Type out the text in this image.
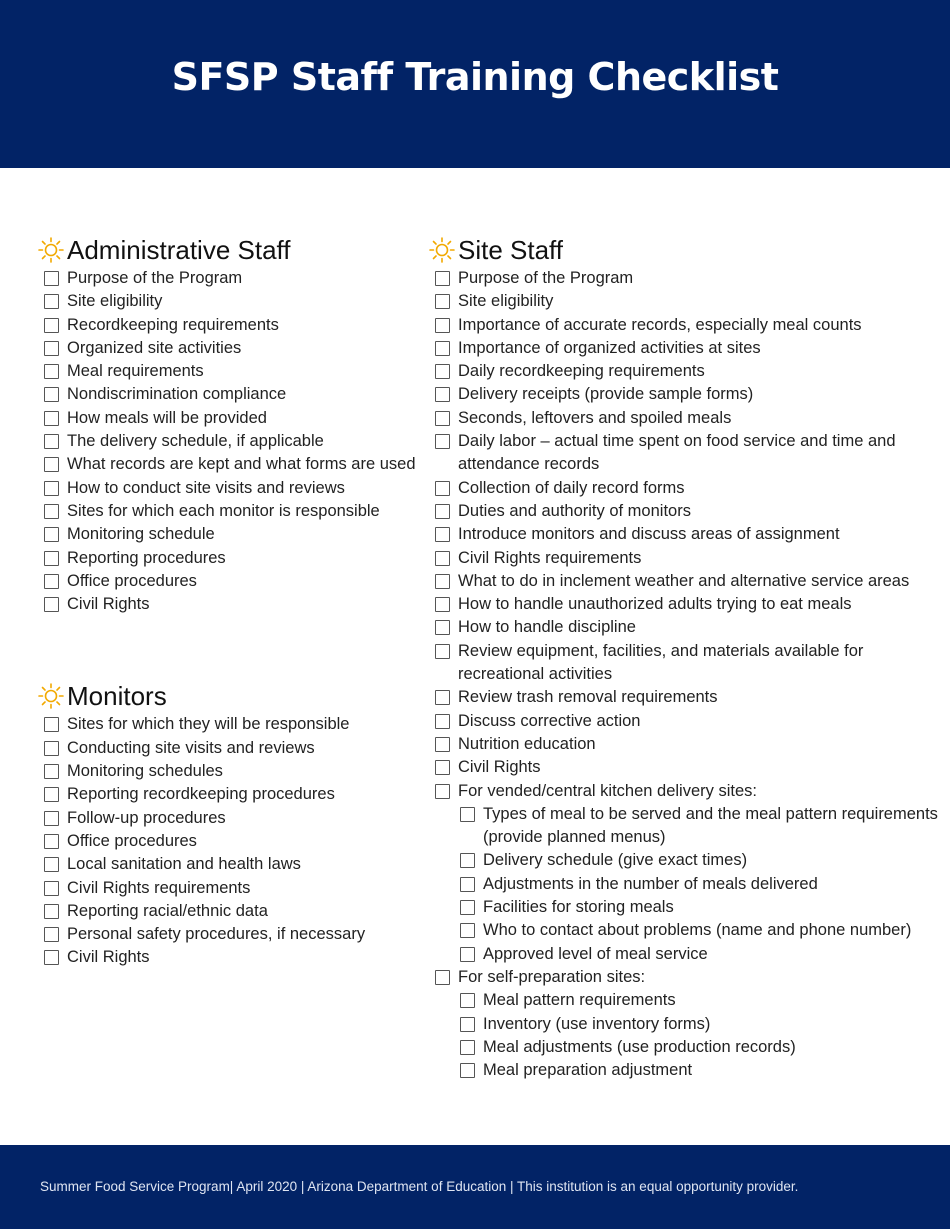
SFSP Staff Training Checklist
Administrative Staff
Purpose of the Program
Site eligibility
Recordkeeping requirements
Organized site activities
Meal requirements
Nondiscrimination compliance
How meals will be provided
The delivery schedule, if applicable
What records are kept and what forms are used
How to conduct site visits and reviews
Sites for which each monitor is responsible
Monitoring schedule
Reporting procedures
Office procedures
Civil Rights
Monitors
Sites for which they will be responsible
Conducting site visits and reviews
Monitoring schedules
Reporting recordkeeping procedures
Follow-up procedures
Office procedures
Local sanitation and health laws
Civil Rights requirements
Reporting racial/ethnic data
Personal safety procedures, if necessary
Civil Rights
Site Staff
Purpose of the Program
Site eligibility
Importance of accurate records, especially meal counts
Importance of organized activities at sites
Daily recordkeeping requirements
Delivery receipts (provide sample forms)
Seconds, leftovers and spoiled meals
Daily labor – actual time spent on food service and time and attendance records
Collection of daily record forms
Duties and authority of monitors
Introduce monitors and discuss areas of assignment
Civil Rights requirements
What to do in inclement weather and alternative service areas
How to handle unauthorized adults trying to eat meals
How to handle discipline
Review equipment, facilities, and materials available for recreational activities
Review trash removal requirements
Discuss corrective action
Nutrition education
Civil Rights
For vended/central kitchen delivery sites:
Types of meal to be served and the meal pattern requirements (provide planned menus)
Delivery schedule (give exact times)
Adjustments in the number of meals delivered
Facilities for storing meals
Who to contact about problems (name and phone number)
Approved level of meal service
For self-preparation sites:
Meal pattern requirements
Inventory (use inventory forms)
Meal adjustments (use production records)
Meal preparation adjustment
Summer Food Service Program| April 2020 | Arizona Department of Education | This institution is an equal opportunity provider.
